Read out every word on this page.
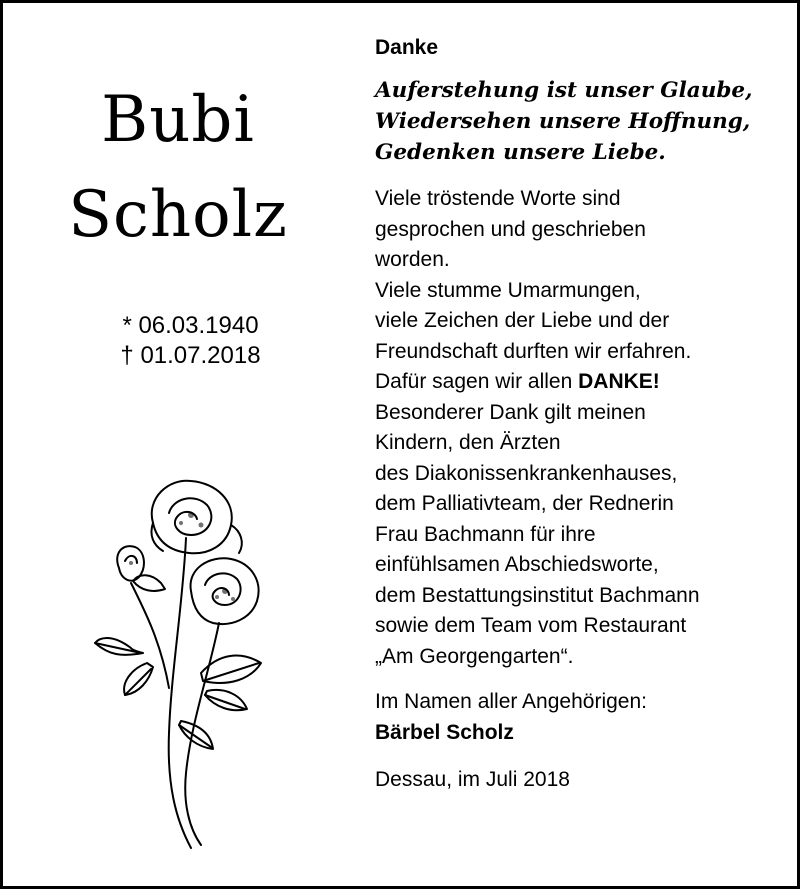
Bubi
Scholz
* 06.03.1940
† 01.07.2018
Danke
Auferstehung ist unser Glaube,
Wiedersehen unsere Hoffnung,
Gedenken unsere Liebe.
Viele tröstende Worte sind
gesprochen und geschrieben
worden.
Viele stumme Umarmungen,
viele Zeichen der Liebe und der
Freundschaft durften wir erfahren.
Dafür sagen wir allen DANKE!
Besonderer Dank gilt meinen
Kindern, den Ärzten
des Diakonissenkrankenhauses,
dem Palliativteam, der Rednerin
Frau Bachmann für ihre
einfühlsamen Abschiedsworte,
dem Bestattungsinstitut Bachmann
sowie dem Team vom Restaurant
„Am Georgengarten“.
Im Namen aller Angehörigen:
Bärbel Scholz
Dessau, im Juli 2018
